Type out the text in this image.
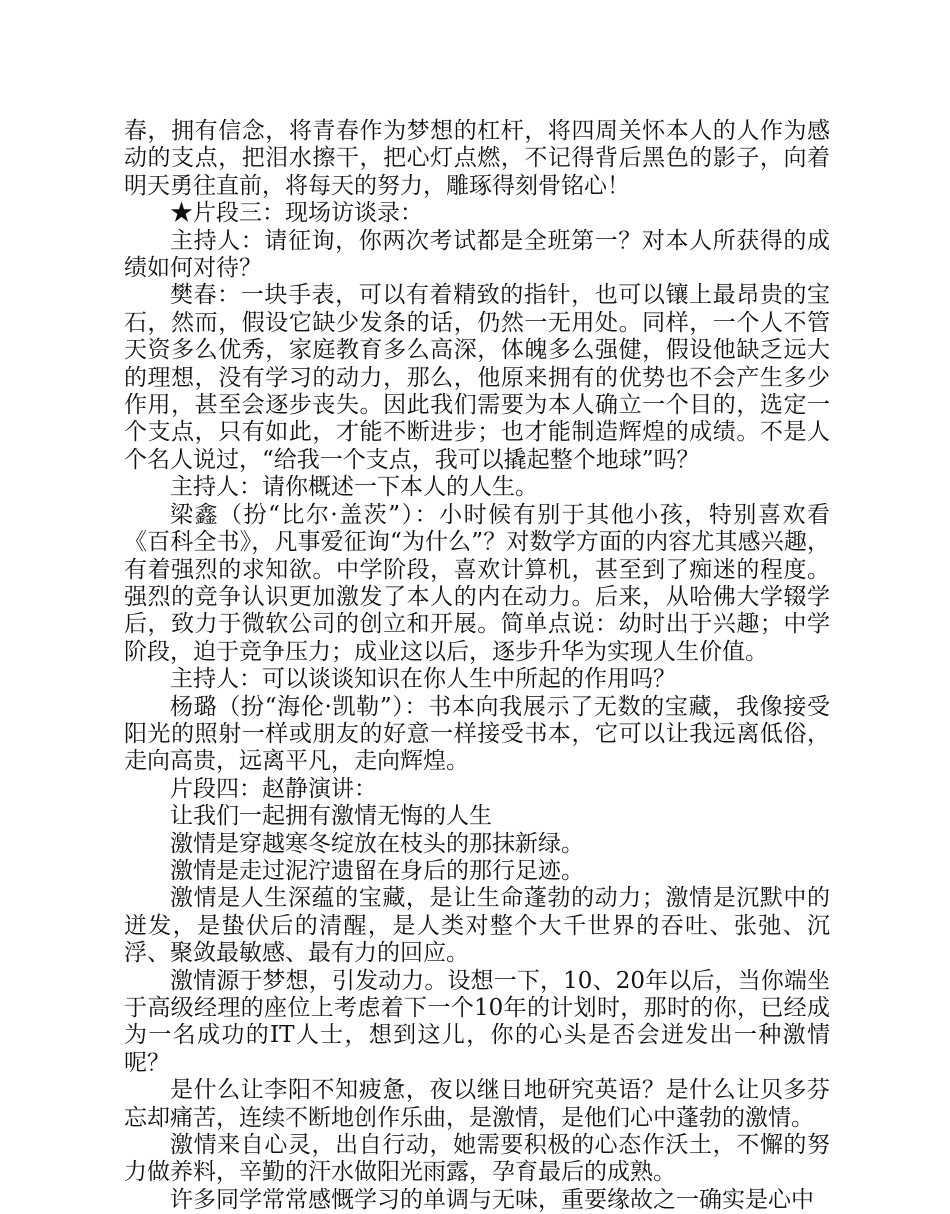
春，拥有信念，将青春作为梦想的杠杆，将四周关怀本人的人作为感动的支点，把泪水擦干，把心灯点燃，不记得背后黑色的影子，向着明天勇往直前，将每天的努力，雕琢得刻骨铭心！

★片段三：现场访谈录：

主持人：请征询，你两次考试都是全班第一？对本人所获得的成绩如何对待？

樊春：一块手表，可以有着精致的指针，也可以镶上最昂贵的宝石，然而，假设它缺少发条的话，仍然一无用处。同样，一个人不管天资多么优秀，家庭教育多么高深，体魄多么强健，假设他缺乏远大的理想，没有学习的动力，那么，他原来拥有的优势也不会产生多少作用，甚至会逐步丧失。因此我们需要为本人确立一个目的，选定一个支点，只有如此，才能不断进步；也才能制造辉煌的成绩。不是人个名人说过，“给我一个支点，我可以撬起整个地球”吗？

主持人：请你概述一下本人的人生。

梁鑫（扮“比尔·盖茨”）：小时候有别于其他小孩，特别喜欢看《百科全书》，凡事爱征询“为什么”？对数学方面的内容尤其感兴趣，有着强烈的求知欲。中学阶段，喜欢计算机，甚至到了痴迷的程度。强烈的竞争认识更加激发了本人的内在动力。后来，从哈佛大学辍学后，致力于微软公司的创立和开展。简单点说：幼时出于兴趣；中学阶段，迫于竞争压力；成业这以后，逐步升华为实现人生价值。

主持人：可以谈谈知识在你人生中所起的作用吗？

杨璐（扮“海伦·凯勒”）：书本向我展示了无数的宝藏，我像接受阳光的照射一样或朋友的好意一样接受书本，它可以让我远离低俗，走向高贵，远离平凡，走向辉煌。

片段四：赵静演讲：

让我们一起拥有激情无悔的人生

激情是穿越寒冬绽放在枝头的那抹新绿。

激情是走过泥泞遗留在身后的那行足迹。

激情是人生深蕴的宝藏，是让生命蓬勃的动力；激情是沉默中的迸发，是蛰伏后的清醒，是人类对整个大千世界的吞吐、张弛、沉浮、聚敛最敏感、最有力的回应。

激情源于梦想，引发动力。设想一下，10、20年以后，当你端坐于高级经理的座位上考虑着下一个10年的计划时，那时的你，已经成为一名成功的IT人士，想到这儿，你的心头是否会迸发出一种激情呢？

是什么让李阳不知疲惫，夜以继日地研究英语？是什么让贝多芬忘却痛苦，连续不断地创作乐曲，是激情，是他们心中蓬勃的激情。

激情来自心灵，出自行动，她需要积极的心态作沃土，不懈的努力做养料，辛勤的汗水做阳光雨露，孕育最后的成熟。

许多同学常常感慨学习的单调与无味，重要缘故之一确实是心中
